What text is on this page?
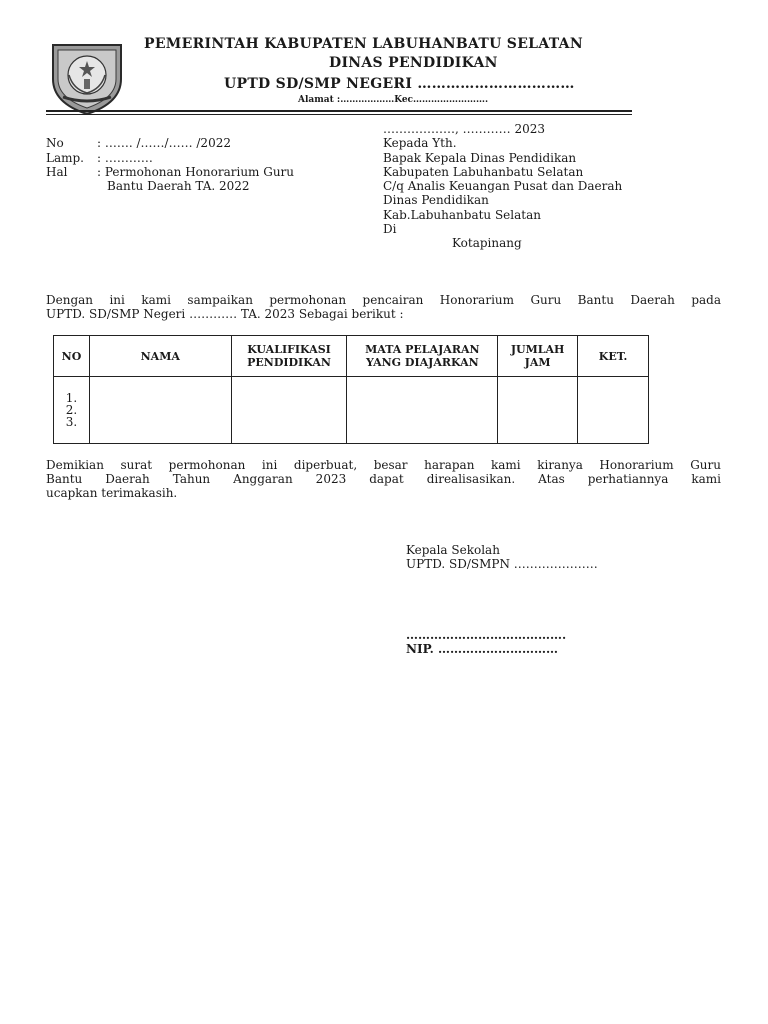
PEMERINTAH KABUPATEN LABUHANBATU SELATAN
DINAS PENDIDIKAN
UPTD SD/SMP NEGERI ……………………………
Alamat :………………Kec…………………….
No	: ……. /……/…… /2022
Lamp. : …………
Hal : Permohonan Honorarium Guru
Bantu Daerah TA. 2022
………………, ………… 2023
Kepada Yth.
Bapak Kepala Dinas Pendidikan
Kabupaten Labuhanbatu Selatan
C/q Analis Keuangan Pusat dan Daerah
Dinas Pendidikan
Kab.Labuhanbatu Selatan
Di
Kotapinang
Dengan ini kami sampaikan permohonan pencairan Honorarium Guru Bantu Daerah pada
UPTD. SD/SMP Negeri ………… TA. 2023 Sebagai berikut :
NO	NAMA	KUALIFIKASI PENDIDIKAN	MATA PELAJARAN YANG DIAJARKAN	JUMLAH JAM	KET.

1.
2.
3.					

Demikian surat permohonan ini diperbuat, besar harapan kami kiranya Honorarium Guru
Bantu Daerah Tahun Anggaran 2023 dapat direalisasikan. Atas perhatiannya kami
ucapkan terimakasih.
Kepala Sekolah
UPTD. SD/SMPN …………………
………………………………….
NIP. …………………………
